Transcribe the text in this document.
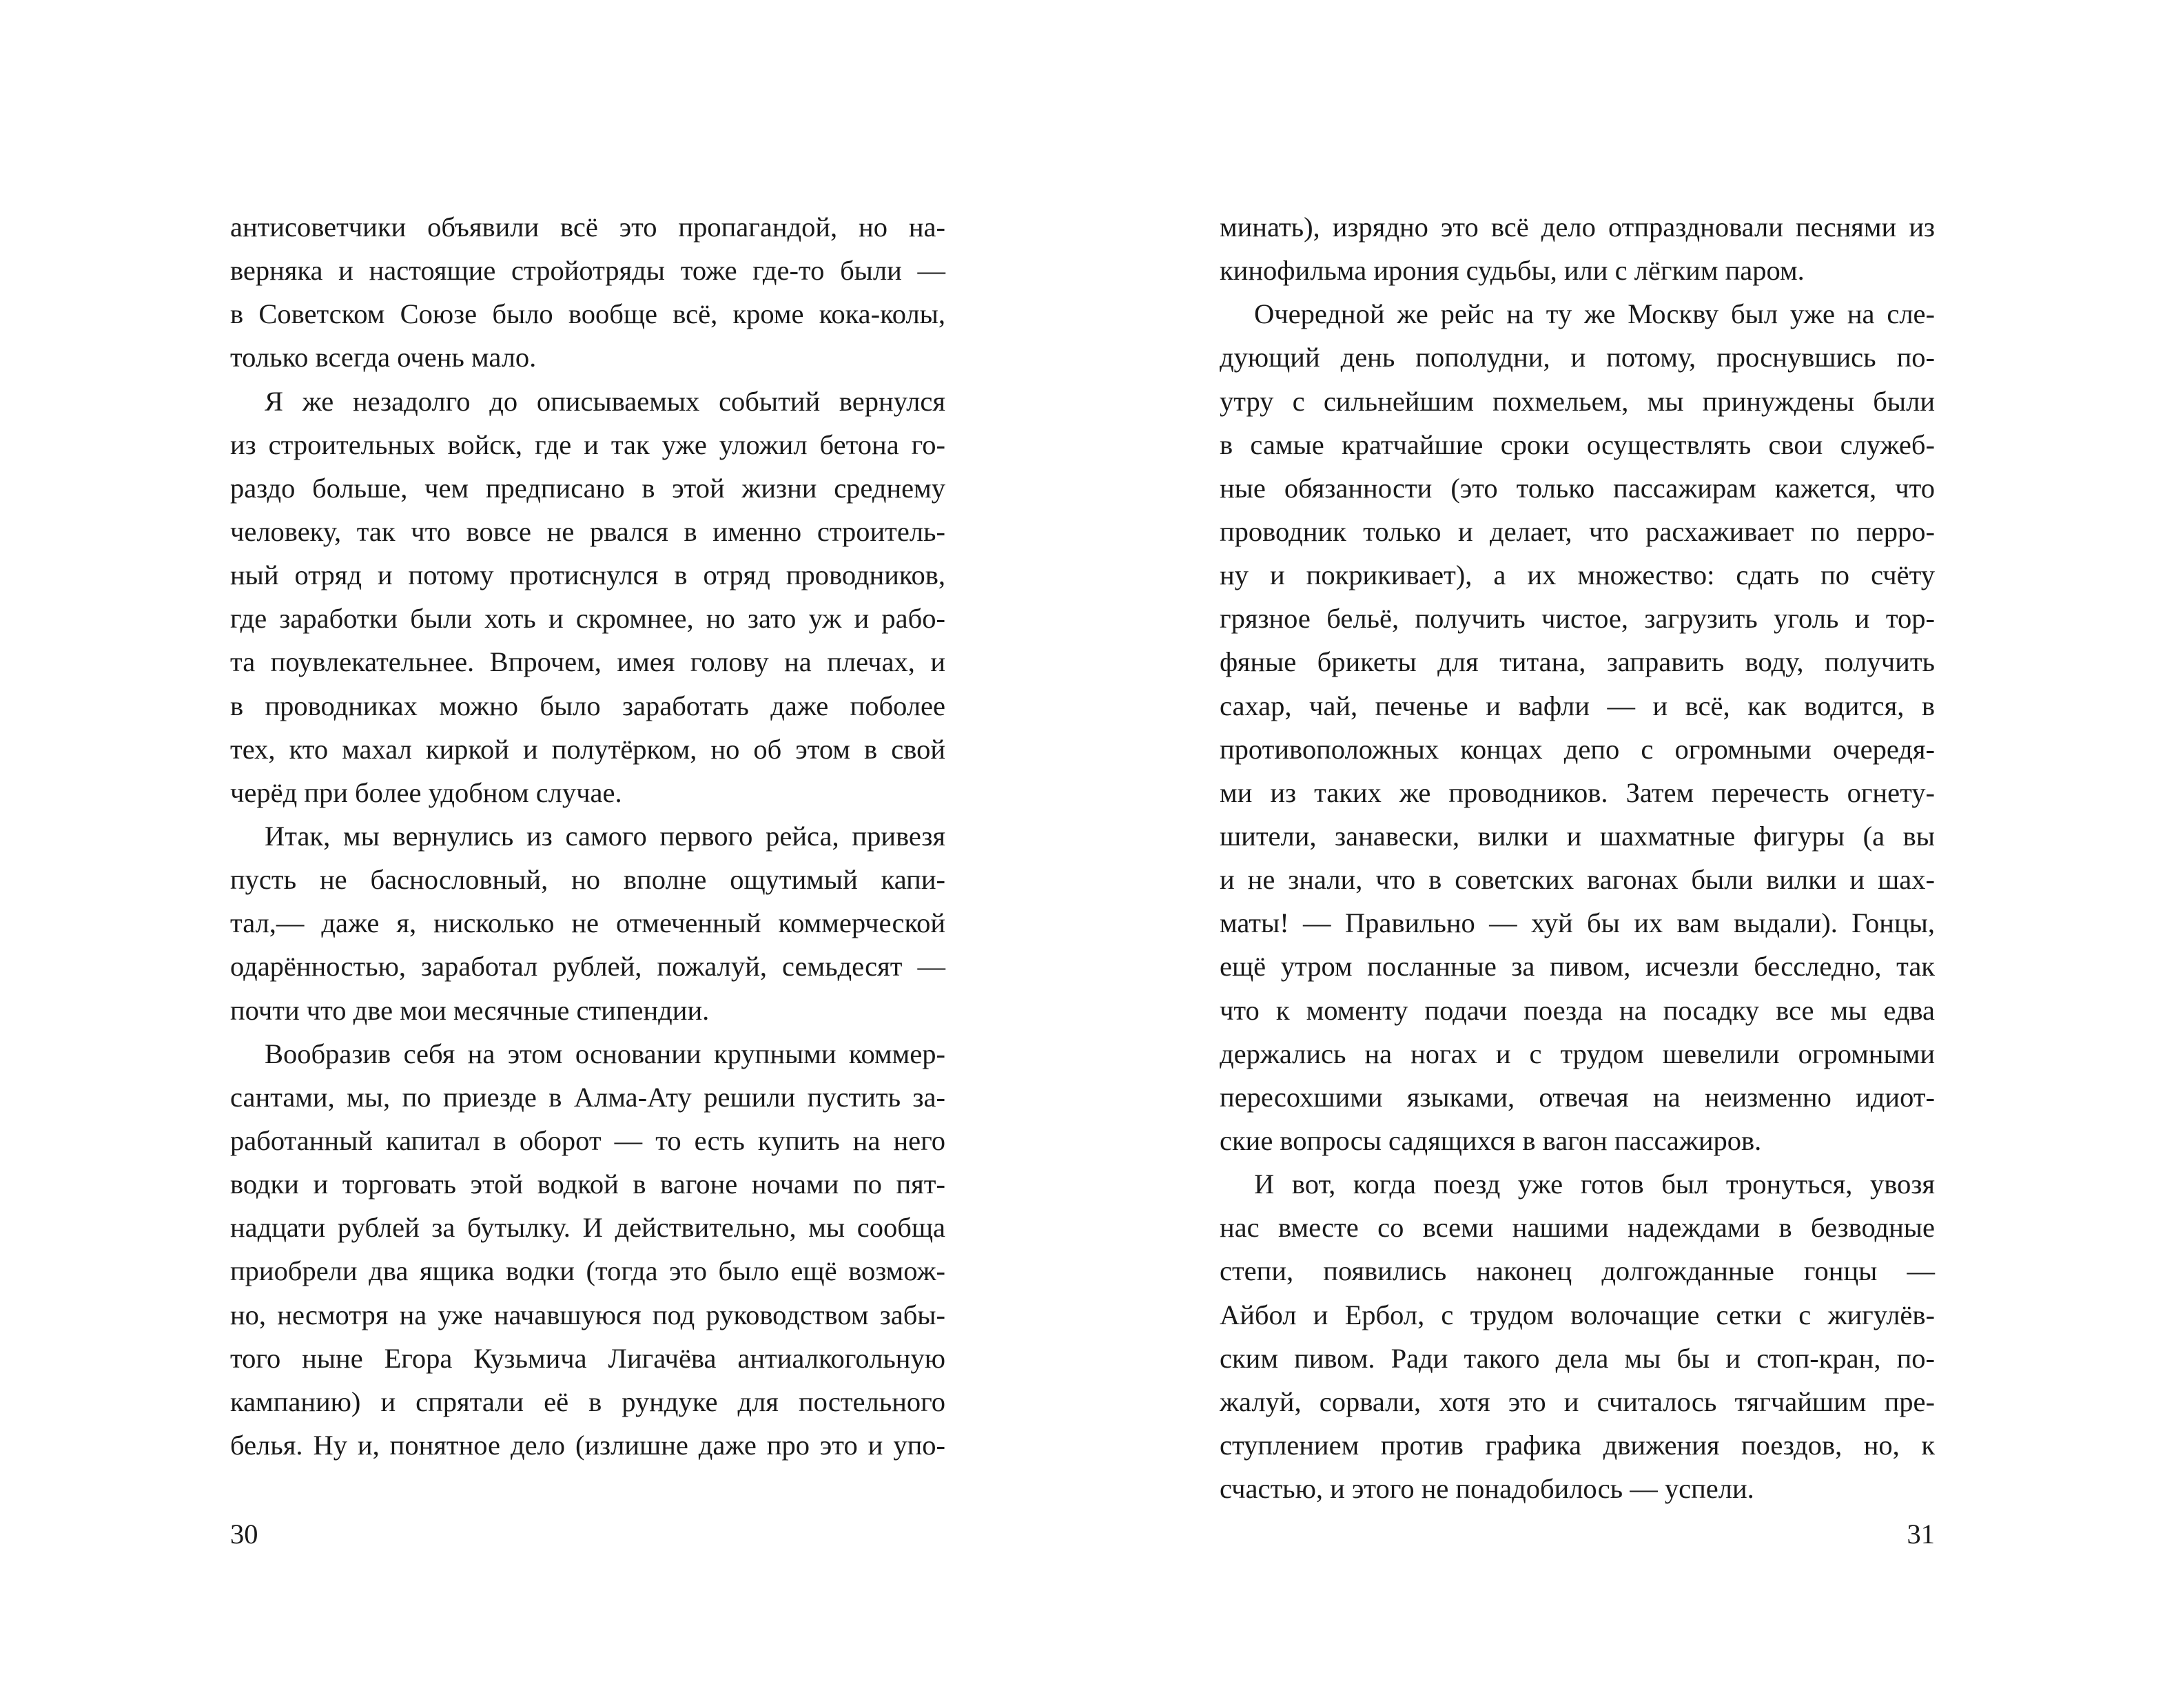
антисоветчики объявили всё это пропагандой, но на-
верняка и настоящие стройотряды тоже где-то были —
в Советском Союзе было вообще всё, кроме кока-колы,
только всегда очень мало.
Я же незадолго до описываемых событий вернулся
из строительных войск, где и так уже уложил бетона го-
раздо больше, чем предписано в этой жизни среднему
человеку, так что вовсе не рвался в именно строитель-
ный отряд и потому протиснулся в отряд проводников,
где заработки были хоть и скромнее, но зато уж и рабо-
та поувлекательнее. Впрочем, имея голову на плечах, и
в проводниках можно было заработать даже поболее
тех, кто махал киркой и полутёрком, но об этом в свой
черёд при более удобном случае.
Итак, мы вернулись из самого первого рейса, привезя
пусть не баснословный, но вполне ощутимый капи-
тал,— даже я, нисколько не отмеченный коммерческой
одарённостью, заработал рублей, пожалуй, семьдесят —
почти что две мои месячные стипендии.
Вообразив себя на этом основании крупными коммер-
сантами, мы, по приезде в Алма-Ату решили пустить за-
работанный капитал в оборот — то есть купить на него
водки и торговать этой водкой в вагоне ночами по пят-
надцати рублей за бутылку. И действительно, мы сообща
приобрели два ящика водки (тогда это было ещё возмож-
но, несмотря на уже начавшуюся под руководством забы-
того ныне Егора Кузьмича Лигачёва антиалкогольную
кампанию) и спрятали её в рундуке для постельного
белья. Ну и, понятное дело (излишне даже про это и упо-
минать), изрядно это всё дело отпраздновали песнями из
кинофильма ирония судьбы, или с лёгким паром.
Очередной же рейс на ту же Москву был уже на сле-
дующий день пополудни, и потому, проснувшись по-
утру с сильнейшим похмельем, мы принуждены были
в самые кратчайшие сроки осуществлять свои служеб-
ные обязанности (это только пассажирам кажется, что
проводник только и делает, что расхаживает по перро-
ну и покрикивает), а их множество: сдать по счёту
грязное бельё, получить чистое, загрузить уголь и тор-
фяные брикеты для титана, заправить воду, получить
сахар, чай, печенье и вафли — и всё, как водится, в
противоположных концах депо с огромными очередя-
ми из таких же проводников. Затем перечесть огнету-
шители, занавески, вилки и шахматные фигуры (а вы
и не знали, что в советских вагонах были вилки и шах-
маты! — Правильно — хуй бы их вам выдали). Гонцы,
ещё утром посланные за пивом, исчезли бесследно, так
что к моменту подачи поезда на посадку все мы едва
держались на ногах и с трудом шевелили огромными
пересохшими языками, отвечая на неизменно идиот-
ские вопросы садящихся в вагон пассажиров.
И вот, когда поезд уже готов был тронуться, увозя
нас вместе со всеми нашими надеждами в безводные
степи, появились наконец долгожданные гонцы —
Айбол и Ербол, с трудом волочащие сетки с жигулёв-
ским пивом. Ради такого дела мы бы и стоп-кран, по-
жалуй, сорвали, хотя это и считалось тягчайшим пре-
ступлением против графика движения поездов, но, к
счастью, и этого не понадобилось — успели.
30	31
